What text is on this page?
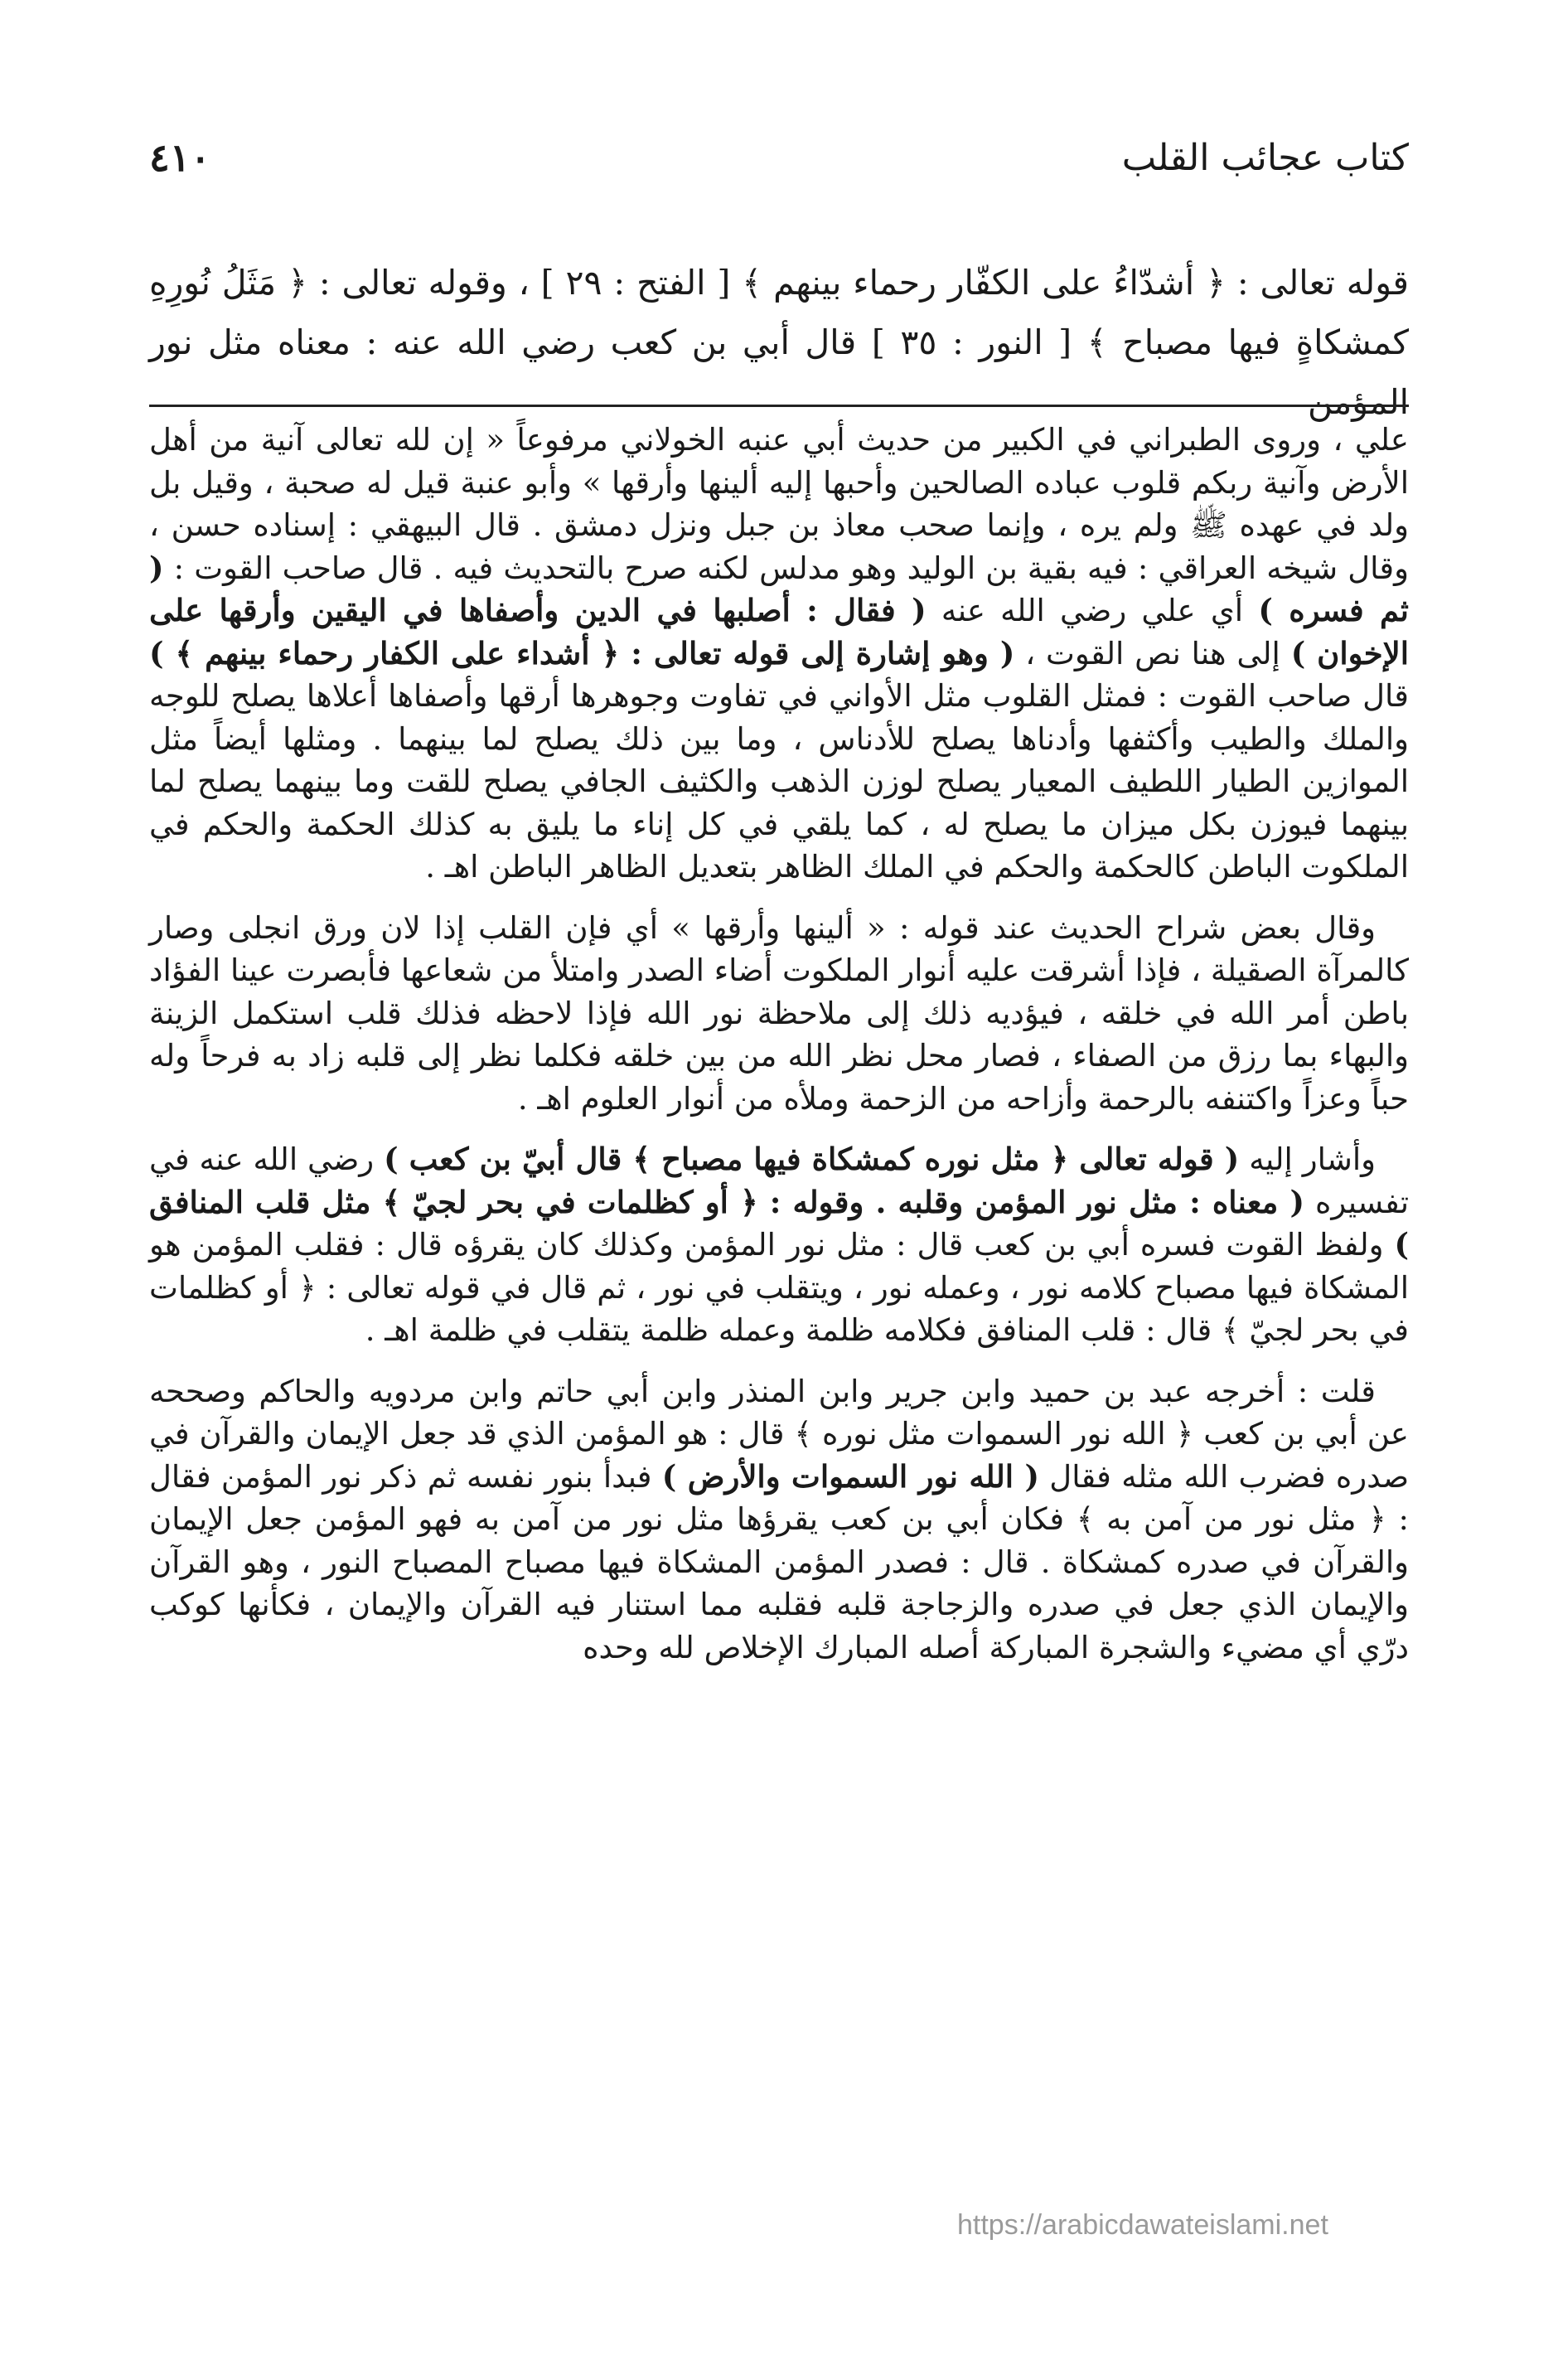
كتاب عجائب القلب
٤١٠

قوله تعالى : ﴿ أشدّاءُ على الكفّار رحماء بينهم ﴾ [ الفتح : ٢٩ ] ، وقوله تعالى : ﴿ مَثَلُ نُورِهِ كمشكاةٍ فيها مصباح ﴾ [ النور : ٣٥ ] قال أبي بن كعب رضي الله عنه : معناه مثل نور المؤمن

علي ، وروى الطبراني في الكبير من حديث أبي عنبه الخولاني مرفوعاً « إن لله تعالى آنية من أهل الأرض وآنية ربكم قلوب عباده الصالحين وأحبها إليه ألينها وأرقها » وأبو عنبة قيل له صحبة ، وقيل بل ولد في عهده ﷺ ولم يره ، وإنما صحب معاذ بن جبل ونزل دمشق . قال البيهقي : إسناده حسن ، وقال شيخه العراقي : فيه بقية بن الوليد وهو مدلس لكنه صرح بالتحديث فيه . قال صاحب القوت : ( ثم فسره ) أي علي رضي الله عنه ( فقال : أصلبها في الدين وأصفاها في اليقين وأرقها على الإخوان ) إلى هنا نص القوت ، ( وهو إشارة إلى قوله تعالى : ﴿ أشداء على الكفار رحماء بينهم ﴾ ) قال صاحب القوت : فمثل القلوب مثل الأواني في تفاوت وجوهرها أرقها وأصفاها أعلاها يصلح للوجه والملك والطيب وأكثفها وأدناها يصلح للأدناس ، وما بين ذلك يصلح لما بينهما . ومثلها أيضاً مثل الموازين الطيار اللطيف المعيار يصلح لوزن الذهب والكثيف الجافي يصلح للقت وما بينهما يصلح لما بينهما فيوزن بكل ميزان ما يصلح له ، كما يلقي في كل إناء ما يليق به كذلك الحكمة والحكم في الملكوت الباطن كالحكمة والحكم في الملك الظاهر بتعديل الظاهر الباطن اهـ .

وقال بعض شراح الحديث عند قوله : « ألينها وأرقها » أي فإن القلب إذا لان ورق انجلى وصار كالمرآة الصقيلة ، فإذا أشرقت عليه أنوار الملكوت أضاء الصدر وامتلأ من شعاعها فأبصرت عينا الفؤاد باطن أمر الله في خلقه ، فيؤديه ذلك إلى ملاحظة نور الله فإذا لاحظه فذلك قلب استكمل الزينة والبهاء بما رزق من الصفاء ، فصار محل نظر الله من بين خلقه فكلما نظر إلى قلبه زاد به فرحاً وله حباً وعزاً واكتنفه بالرحمة وأزاحه من الزحمة وملأه من أنوار العلوم اهـ .

وأشار إليه ( قوله تعالى ﴿ مثل نوره كمشكاة فيها مصباح ﴾ قال أبيّ بن كعب ) رضي الله عنه في تفسيره ( معناه : مثل نور المؤمن وقلبه . وقوله : ﴿ أو كظلمات في بحر لجيّ ﴾ مثل قلب المنافق ) ولفظ القوت فسره أبي بن كعب قال : مثل نور المؤمن وكذلك كان يقرؤه قال : فقلب المؤمن هو المشكاة فيها مصباح كلامه نور ، وعمله نور ، ويتقلب في نور ، ثم قال في قوله تعالى : ﴿ أو كظلمات في بحر لجيّ ﴾ قال : قلب المنافق فكلامه ظلمة وعمله ظلمة يتقلب في ظلمة اهـ .

قلت : أخرجه عبد بن حميد وابن جرير وابن المنذر وابن أبي حاتم وابن مردويه والحاكم وصححه عن أبي بن كعب ﴿ الله نور السموات مثل نوره ﴾ قال : هو المؤمن الذي قد جعل الإيمان والقرآن في صدره فضرب الله مثله فقال ( الله نور السموات والأرض ) فبدأ بنور نفسه ثم ذكر نور المؤمن فقال : ﴿ مثل نور من آمن به ﴾ فكان أبي بن كعب يقرؤها مثل نور من آمن به فهو المؤمن جعل الإيمان والقرآن في صدره كمشكاة . قال : فصدر المؤمن المشكاة فيها مصباح المصباح النور ، وهو القرآن والإيمان الذي جعل في صدره والزجاجة قلبه فقلبه مما استنار فيه القرآن والإيمان ، فكأنها كوكب درّي أي مضيء والشجرة المباركة أصله المبارك الإخلاص لله وحده

https://arabicdawateislami.net
